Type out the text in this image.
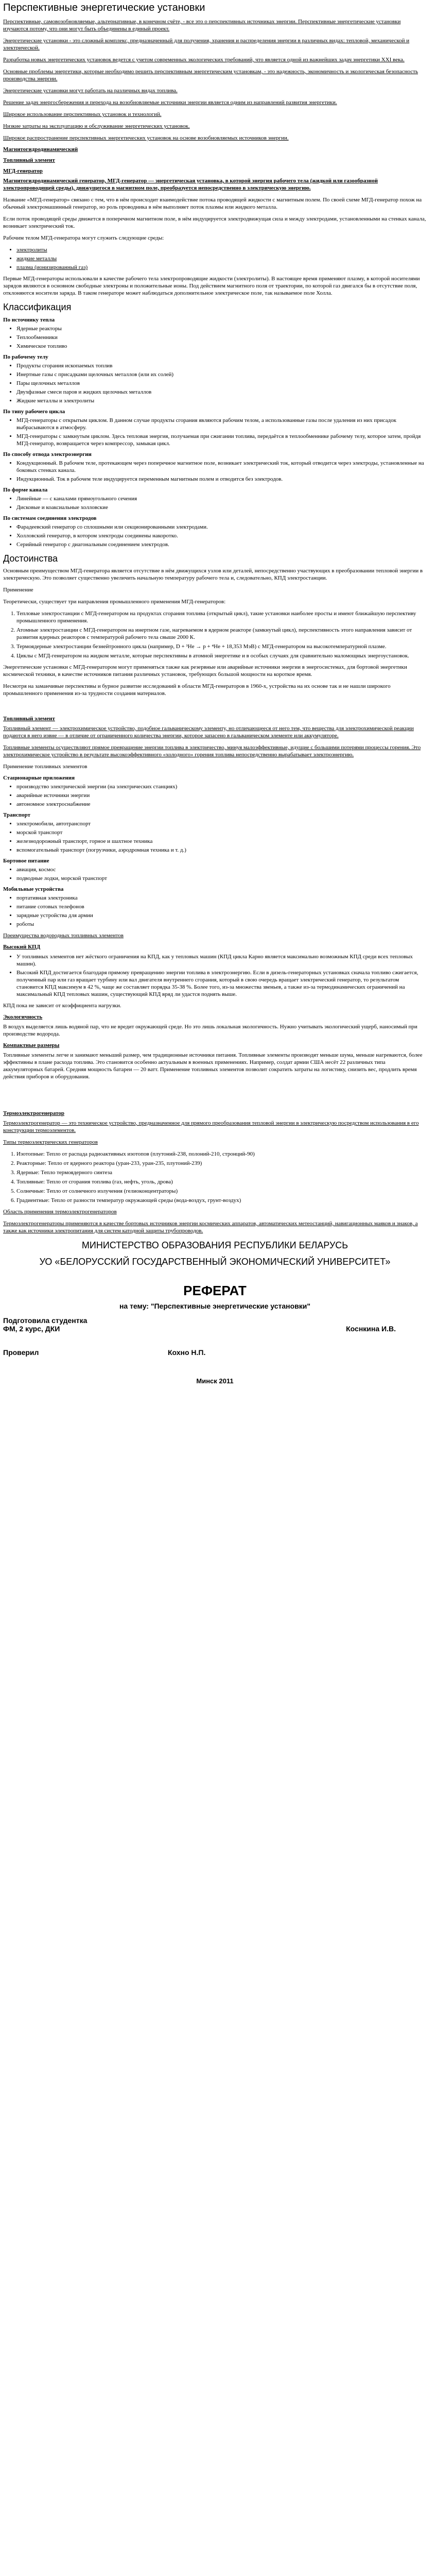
Перспективные энергетические установки

Перспективные, самовозобновляемые, альтернативные, в конечном счёте, - все это о перспективных источниках энергии. Перспективные энергетические установки изучаются потому, что они могут быть объединены в единый проект.

Энергетические установки - это сложный комплекс, предназначенный для получения, хранения и распределения энергии в различных видах: тепловой, механической и электрической.

Разработка новых энергетических установок ведется с учетом современных экологических требований, что является одной из важнейших задач энергетики XXI века.

Основные проблемы энергетики, которые необходимо решить перспективным энергетическим установкам, - это надежность, экономичность и экологическая безопасность производства энергии.

Энергетические установки могут работать на различных видах топлива.

Решение задач энергосбережения и перехода на возобновляемые источники энергии является одним из направлений развития энергетики.

Широкое использование перспективных установок и технологий.

Низкие затраты на эксплуатацию и обслуживание энергетических установок.

Широкое распространение перспективных энергетических установок на основе возобновляемых источников энергии.

Магнитогидродинамический
Топливный элемент
МГД-генератор

Магнитогидродинамический генератор, МГД-генератор — энергетическая установка, в которой энергия рабочего тела (жидкой или газообразной электропроводящей среды), движущегося в магнитном поле, преобразуется непосредственно в электрическую энергию.

Название «МГД-генератор» связано с тем, что в нём происходит взаимодействие потока проводящей жидкости с магнитным полем. По своей схеме МГД-генератор похож на обычный электромашинный генератор, но роль проводника в нём выполняет поток плазмы или жидкого металла.

Если поток проводящей среды движется в поперечном магнитном поле, в нём индуцируется электродвижущая сила и между электродами, установленными на стенках канала, возникает электрический ток.

Рабочим телом МГД-генератора могут служить следующие среды:

• электролиты
• жидкие металлы
• плазма (ионизированный газ)

Первые МГД-генераторы использовали в качестве рабочего тела электропроводящие жидкости (электролиты). В настоящее время применяют плазму, в которой носителями зарядов являются в основном свободные электроны и положительные ионы. Под действием магнитного поля от траектории, по которой газ двигался бы в отсутствие поля, отклоняются носители заряда. В таком генераторе может наблюдаться дополнительное электрическое поле, так называемое поле Холла.

Классификация
По источнику тепла
• Ядерные реакторы
• Теплообменники
• Химическое топливо
По рабочему телу
• Продукты сгорания ископаемых топлив
• Инертные газы с присадками щелочных металлов (или их солей)
• Пары щелочных металлов
• Двухфазные смеси паров и жидких щелочных металлов
• Жидкие металлы и электролиты
По типу рабочего цикла
• МГД-генераторы с открытым циклом. В данном случае продукты сгорания являются рабочим телом, а использованные газы после удаления из них присадок выбрасываются в атмосферу.
• МГД-генераторы с замкнутым циклом. Здесь тепловая энергия, получаемая при сжигании топлива, передаётся в теплообменнике рабочему телу, которое затем, пройдя МГД-генератор, возвращается через компрессор, замыкая цикл.
По способу отвода электроэнергии
• Кондукционный. В рабочем теле, протекающем через поперечное магнитное поле, возникает электрический ток, который отводится через электроды, установленные на боковых стенках канала.
• Индукционный. Ток в рабочем теле индуцируется переменным магнитным полем и отводится без электродов.
По форме канала
• Линейные — с каналами прямоугольного сечения
• Дисковые и коаксиальные холловские
По системам соединения электродов
• Фарадеевский генератор со сплошными или секционированными электродами.
• Холловский генератор, в котором электроды соединены накоротко.
• Серийный генератор с диагональным соединением электродов.
Достоинства

Основным преимуществом МГД-генератора является отсутствие в нём движущихся узлов или деталей, непосредственно участвующих в преобразовании тепловой энергии в электрическую. Это позволяет существенно увеличить начальную температуру рабочего тела и, следовательно, КПД электростанции.

Применение

Теоретически, существует три направления промышленного применения МГД-генераторов:

1. Тепловые электростанции с МГД-генератором на продуктах сгорания топлива (открытый цикл), такие установки наиболее просты и имеют ближайшую перспективу промышленного применения.
2. Атомные электростанции с МГД-генератором на инертном газе, нагреваемом в ядерном реакторе (замкнутый цикл), перспективность этого направления зависит от развития ядерных реакторов с температурой рабочего тела свыше 2000 К.
3. Термоядерные электростанции безнейтронного цикла (например, D + ³He → p + ⁴He + 18,353 МэВ) с МГД-генератором на высокотемпературной плазме.
4. Циклы с МГД-генератором на жидком металле, которые перспективны в атомной энергетике и в особых случаях для сравнительно маломощных энергоустановок.

Энергетические установки с МГД-генератором могут применяться также как резервные или аварийные источники энергии в энергосистемах, для бортовой энергетики космической техники, в качестве источников питания различных установок, требующих большой мощности на короткое время.

Несмотря на заманчивые перспективы и бурное развитие исследований в области МГД-генераторов в 1960-х, устройства на их основе так и не нашли широкого промышленного применения из-за трудности создания материалов.

Топливный элемент

Топливный элемент — электрохимическое устройство, подобное гальваническому элементу, но отличающееся от него тем, что вещества для электрохимической реакции подаются в него извне — в отличие от ограниченного количества энергии, которое запасено в гальваническом элементе или аккумуляторе.

Топливные элементы осуществляют прямое превращение энергии топлива в электричество, минуя малоэффективные, идущие с большими потерями процессы горения. Это электрохимическое устройство в результате высокоэффективного «холодного» горения топлива непосредственно вырабатывает электроэнергию.

Применение топливных элементов

Стационарные приложения
• производство электрической энергии (на электрических станциях)
• аварийные источники энергии
• автономное электроснабжение
Транспорт
• электромобили, автотранспорт
• морской транспорт
• железнодорожный транспорт, горное и шахтное техника
• вспомогательный транспорт (погрузчики, аэродромная техника и т. д.)
Бортовое питание
• авиация, космос
• подводные лодки, морской транспорт
Мобильные устройства
• портативная электроника
• питание сотовых телефонов
• зарядные устройства для армии
• роботы

Преимущества водородных топливных элементов

Высокий КПД
• У топливных элементов нет жёсткого ограничения на КПД, как у тепловых машин (КПД цикла Карно является максимально возможным КПД среди всех тепловых машин).
• Высокий КПД достигается благодаря прямому превращению энергии топлива в электроэнергию. Если в дизель-генераторных установках сначала топливо сжигается, полученный пар или газ вращает турбину или вал двигателя внутреннего сгорания, который в свою очередь вращает электрический генератор, то результатом становится КПД максимум в 42 %, чаще же составляет порядка 35-38 %. Более того, из-за множества звеньев, а также из-за термодинамических ограничений на максимальный КПД тепловых машин, существующий КПД вряд ли удастся поднять выше.

КПД пока не зависит от коэффициента нагрузки.

Экологичность

В воздух выделяется лишь водяной пар, что не вредит окружающей среде. Но это лишь локальная экологичность. Нужно учитывать экологический ущерб, наносимый при производстве водорода.

Компактные размеры

Топливные элементы легче и занимают меньший размер, чем традиционные источники питания. Топливные элементы производят меньше шума, меньше нагреваются, более эффективны в плане расхода топлива. Это становится особенно актуальным в военных применениях. Например, солдат армии США несёт 22 различных типа аккумуляторных батарей. Средняя мощность батареи — 20 ватт. Применение топливных элементов позволит сократить затраты на логистику, снизить вес, продлить время действия приборов и оборудования.

Термоэлектрогенератор

Термоэлектрогенератор — это техническое устройство, предназначенное для прямого преобразования тепловой энергии в электрическую посредством использования в его конструкции термоэлементов.

Типы термоэлектрических генераторов

1. Изотопные: Тепло от распада радиоактивных изотопов (плутоний-238, полоний-210, стронций-90)
2. Реакторные: Тепло от ядерного реактора (уран-233, уран-235, плутоний-239)
3. Ядерные: Тепло термоядерного синтеза
4. Топливные: Тепло от сгорания топлива (газ, нефть, уголь, дрова)
5. Солнечные: Тепло от солнечного излучения (гелиоконцентраторы)
6. Градиентные: Тепло от разности температур окружающей среды (вода-воздух, грунт-воздух)

Область применения термоэлектрогенераторов

Термоэлектрогенераторы применяются в качестве бортовых источников энергии космических аппаратов, автоматических метеостанций, навигационных маяков и знаков, а также как источники электропитания для систем катодной защиты трубопроводов.

МИНИСТЕРСТВО ОБРАЗОВАНИЯ РЕСПУБЛИКИ БЕЛАРУСЬ
УО «БЕЛОРУССКИЙ ГОСУДАРСТВЕННЫЙ ЭКОНОМИЧЕСКИЙ УНИВЕРСИТЕТ»
РЕФЕРАТ
на тему: "Перспективные энергетические установки"
Подготовила студентка
ФМ, 2 курс, ДКИ	Коснкина И.В.
Проверил	Кохно Н.П.
Минск 2011
